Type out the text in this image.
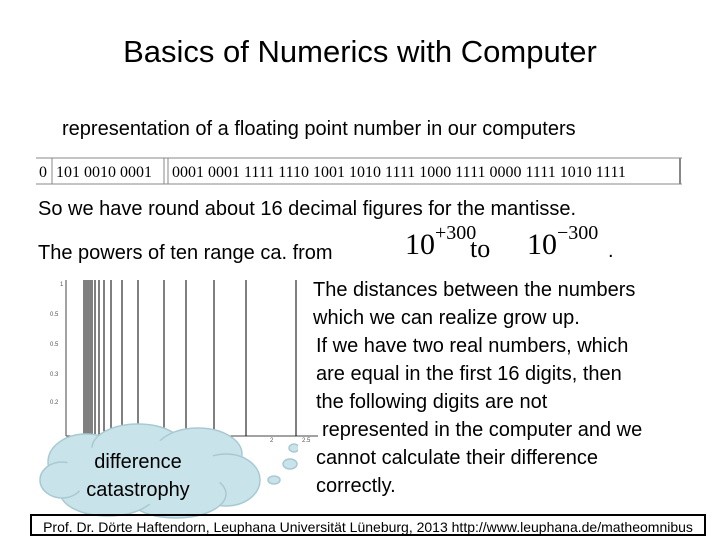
Basics of Numerics with Computer
representation of a floating point number in our computers
0 101 0010 0001 0001 0001 1111 1110 1001 1010 1111 1000 1111 0000 1111 1010 1111
So we have round about 16 decimal figures for the mantisse.
The powers of ten range ca. from $10^{+300}$
to $10^{-300}$
.
The distances between the numbers
which we can realize grow up.
If we have two real numbers, which
are equal in the first 16 digits, then
the following digits are not
represented in the computer and we
cannot calculate their difference
correctly.
1
0.5
0.5
0.3
0.2
2	2.5
difference
catastrophy
Prof. Dr. Dörte Haftendorn, Leuphana Universität Lüneburg, 2013 http://www.leuphana.de/matheomnibus
